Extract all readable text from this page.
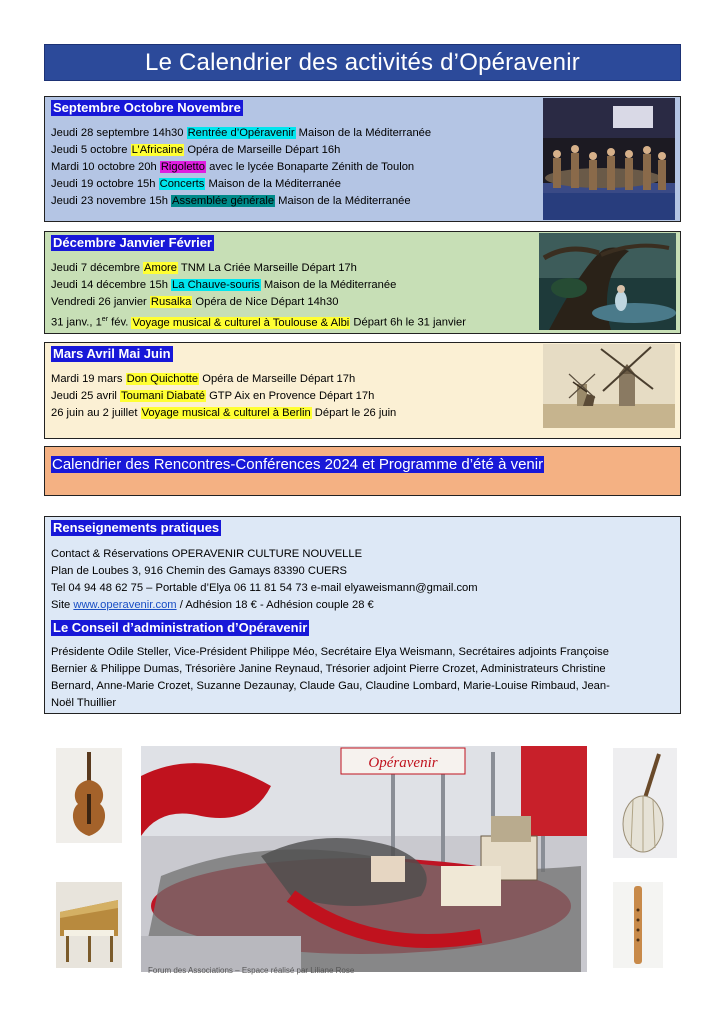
Le Calendrier des activités d’Opéravenir
Septembre Octobre Novembre
Jeudi 28 septembre 14h30 Rentrée d’Opéravenir Maison de la Méditerranée
Jeudi 5 octobre L’Africaine Opéra de Marseille Départ 16h
Mardi 10 octobre 20h Rigoletto avec le lycée Bonaparte Zénith de Toulon
Jeudi 19 octobre 15h Concerts Maison de la Méditerranée
Jeudi 23 novembre 15h Assemblée générale Maison de la Méditerranée
Décembre Janvier Février
Jeudi 7 décembre Amore TNM La Criée Marseille Départ 17h
Jeudi 14 décembre 15h La Chauve-souris Maison de la Méditerranée
Vendredi 26 janvier Rusalka Opéra de Nice Départ 14h30
31 janv., 1er fév. Voyage musical & culturel à Toulouse & Albi Départ 6h le 31 janvier
Mars Avril Mai Juin
Mardi 19 mars Don Quichotte Opéra de Marseille Départ 17h
Jeudi 25 avril Toumani Diabaté GTP Aix en Provence Départ 17h
26 juin au 2 juillet Voyage musical & culturel à Berlin Départ le 26 juin
Calendrier des Rencontres-Conférences 2024 et Programme d’été à venir
Renseignements pratiques
Contact & Réservations OPERAVENIR CULTURE NOUVELLE
Plan de Loubes 3, 916 Chemin des Gamays 83390 CUERS
Tel 04 94 48 62 75 – Portable d’Elya 06 11 81 54 73 e-mail elyaweismann@gmail.com
Site www.operavenir.com / Adhésion 18 € - Adhésion couple 28 €
Le Conseil d’administration d’Opéravenir
Présidente Odile Steller, Vice-Président Philippe Méo, Secrétaire Elya Weismann, Secrétaires adjoints Françoise
Bernier & Philippe Dumas, Trésorière Janine Reynaud, Trésorier adjoint Pierre Crozet, Administrateurs Christine
Bernard, Anne-Marie Crozet, Suzanne Dezaunay, Claude Gau, Claudine Lombard, Marie-Louise Rimbaud, Jean-
Noël Thuillier
Opéravenir
Forum des Associations – Espace réalisé par Liliane Rose
